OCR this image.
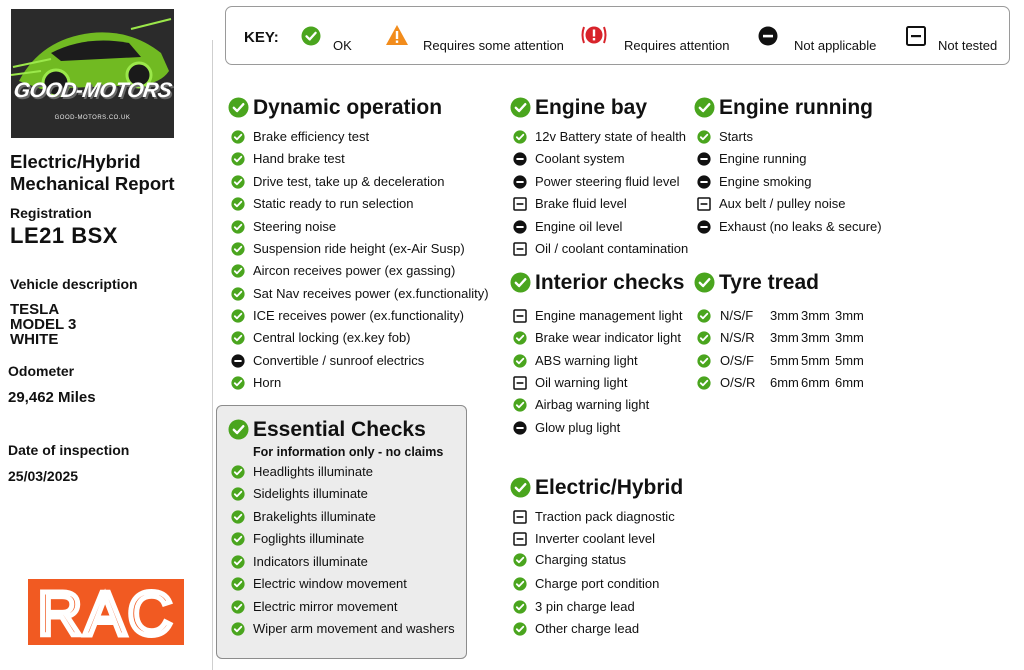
GOOD-MOTORS
GOOD-MOTORS.CO.UK
Electric/Hybrid
Mechanical Report
Registration
LE21 BSX
Vehicle description
TESLA
MODEL 3
WHITE
Odometer
29,462 Miles
Date of inspection
25/03/2025
RAC
KEY:	OK	Requires some attention	Requires attention	Not applicable	Not tested
Dynamic operation	Engine bay	Engine running
Interior checks Tyre tread
Essential Checks
For information only - no claims
Electric/Hybrid
Brake efficiency test
Hand brake test
Drive test, take up & deceleration
Static ready to run selection
Steering noise
Suspension ride height (ex-Air Susp)
Aircon receives power (ex gassing)
Sat Nav receives power (ex.functionality)
ICE receives power (ex.functionality)
Central locking (ex.key fob)
Convertible / sunroof electrics
Horn
Headlights illuminate
Sidelights illuminate
Brakelights illuminate
Foglights illuminate
Indicators illuminate
Electric window movement
Electric mirror movement
Wiper arm movement and washers
12v Battery state of health
Coolant system
Power steering fluid level
Brake fluid level
Engine oil level
Oil / coolant contamination
Engine management light
Brake wear indicator light
ABS warning light
Oil warning light
Airbag warning light
Glow plug light
Traction pack diagnostic
Inverter coolant level
Charging status
Charge port condition
3 pin charge lead
Other charge lead
Starts
Engine running
Engine smoking
Aux belt / pulley noise
Exhaust (no leaks & secure)
N/S/F 3mm 3mm 3mm
N/S/R 3mm 3mm 3mm
O/S/F 5mm 5mm 5mm
O/S/R 6mm 6mm 6mm
